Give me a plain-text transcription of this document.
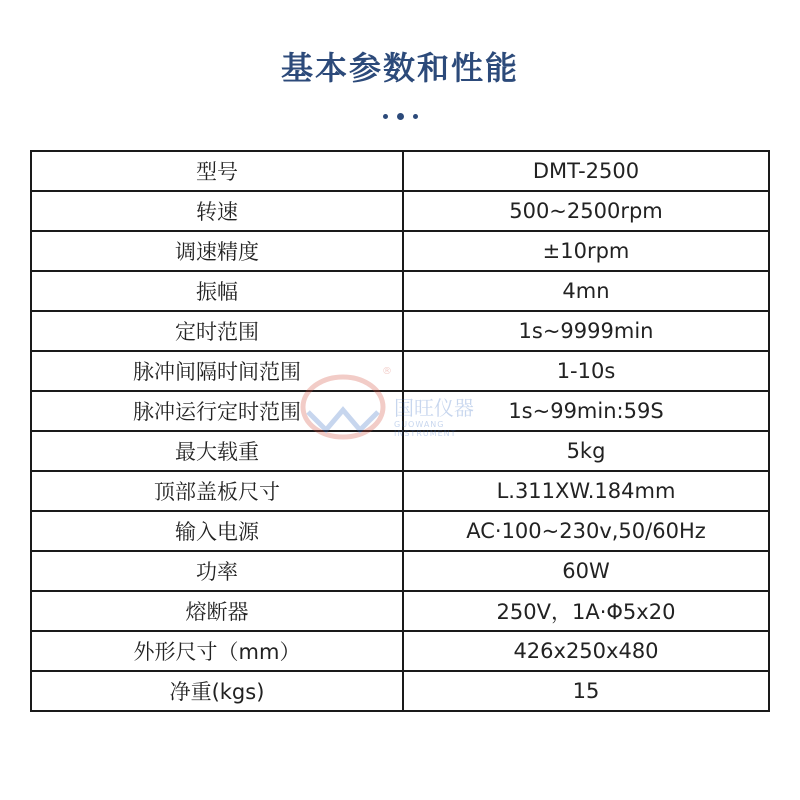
基本参数和性能
型号	DMT-2500
转速	500~2500rpm
调速精度	±10rpm
振幅	4mn
定时范围	1s~9999min
脉冲间隔时间范围	1-10s
脉冲运行定时范围	1s~99min:59S
最大载重	5kg
顶部盖板尺寸	L.311XW.184mm
输入电源	AC·100~230v,50/60Hz
功率	60W
熔断器	250V，1A·Φ5x20
外形尺寸（mm）	426x250x480
净重(kgs)	15
®
国旺仪器
GUOWANG INSTRUMENT
